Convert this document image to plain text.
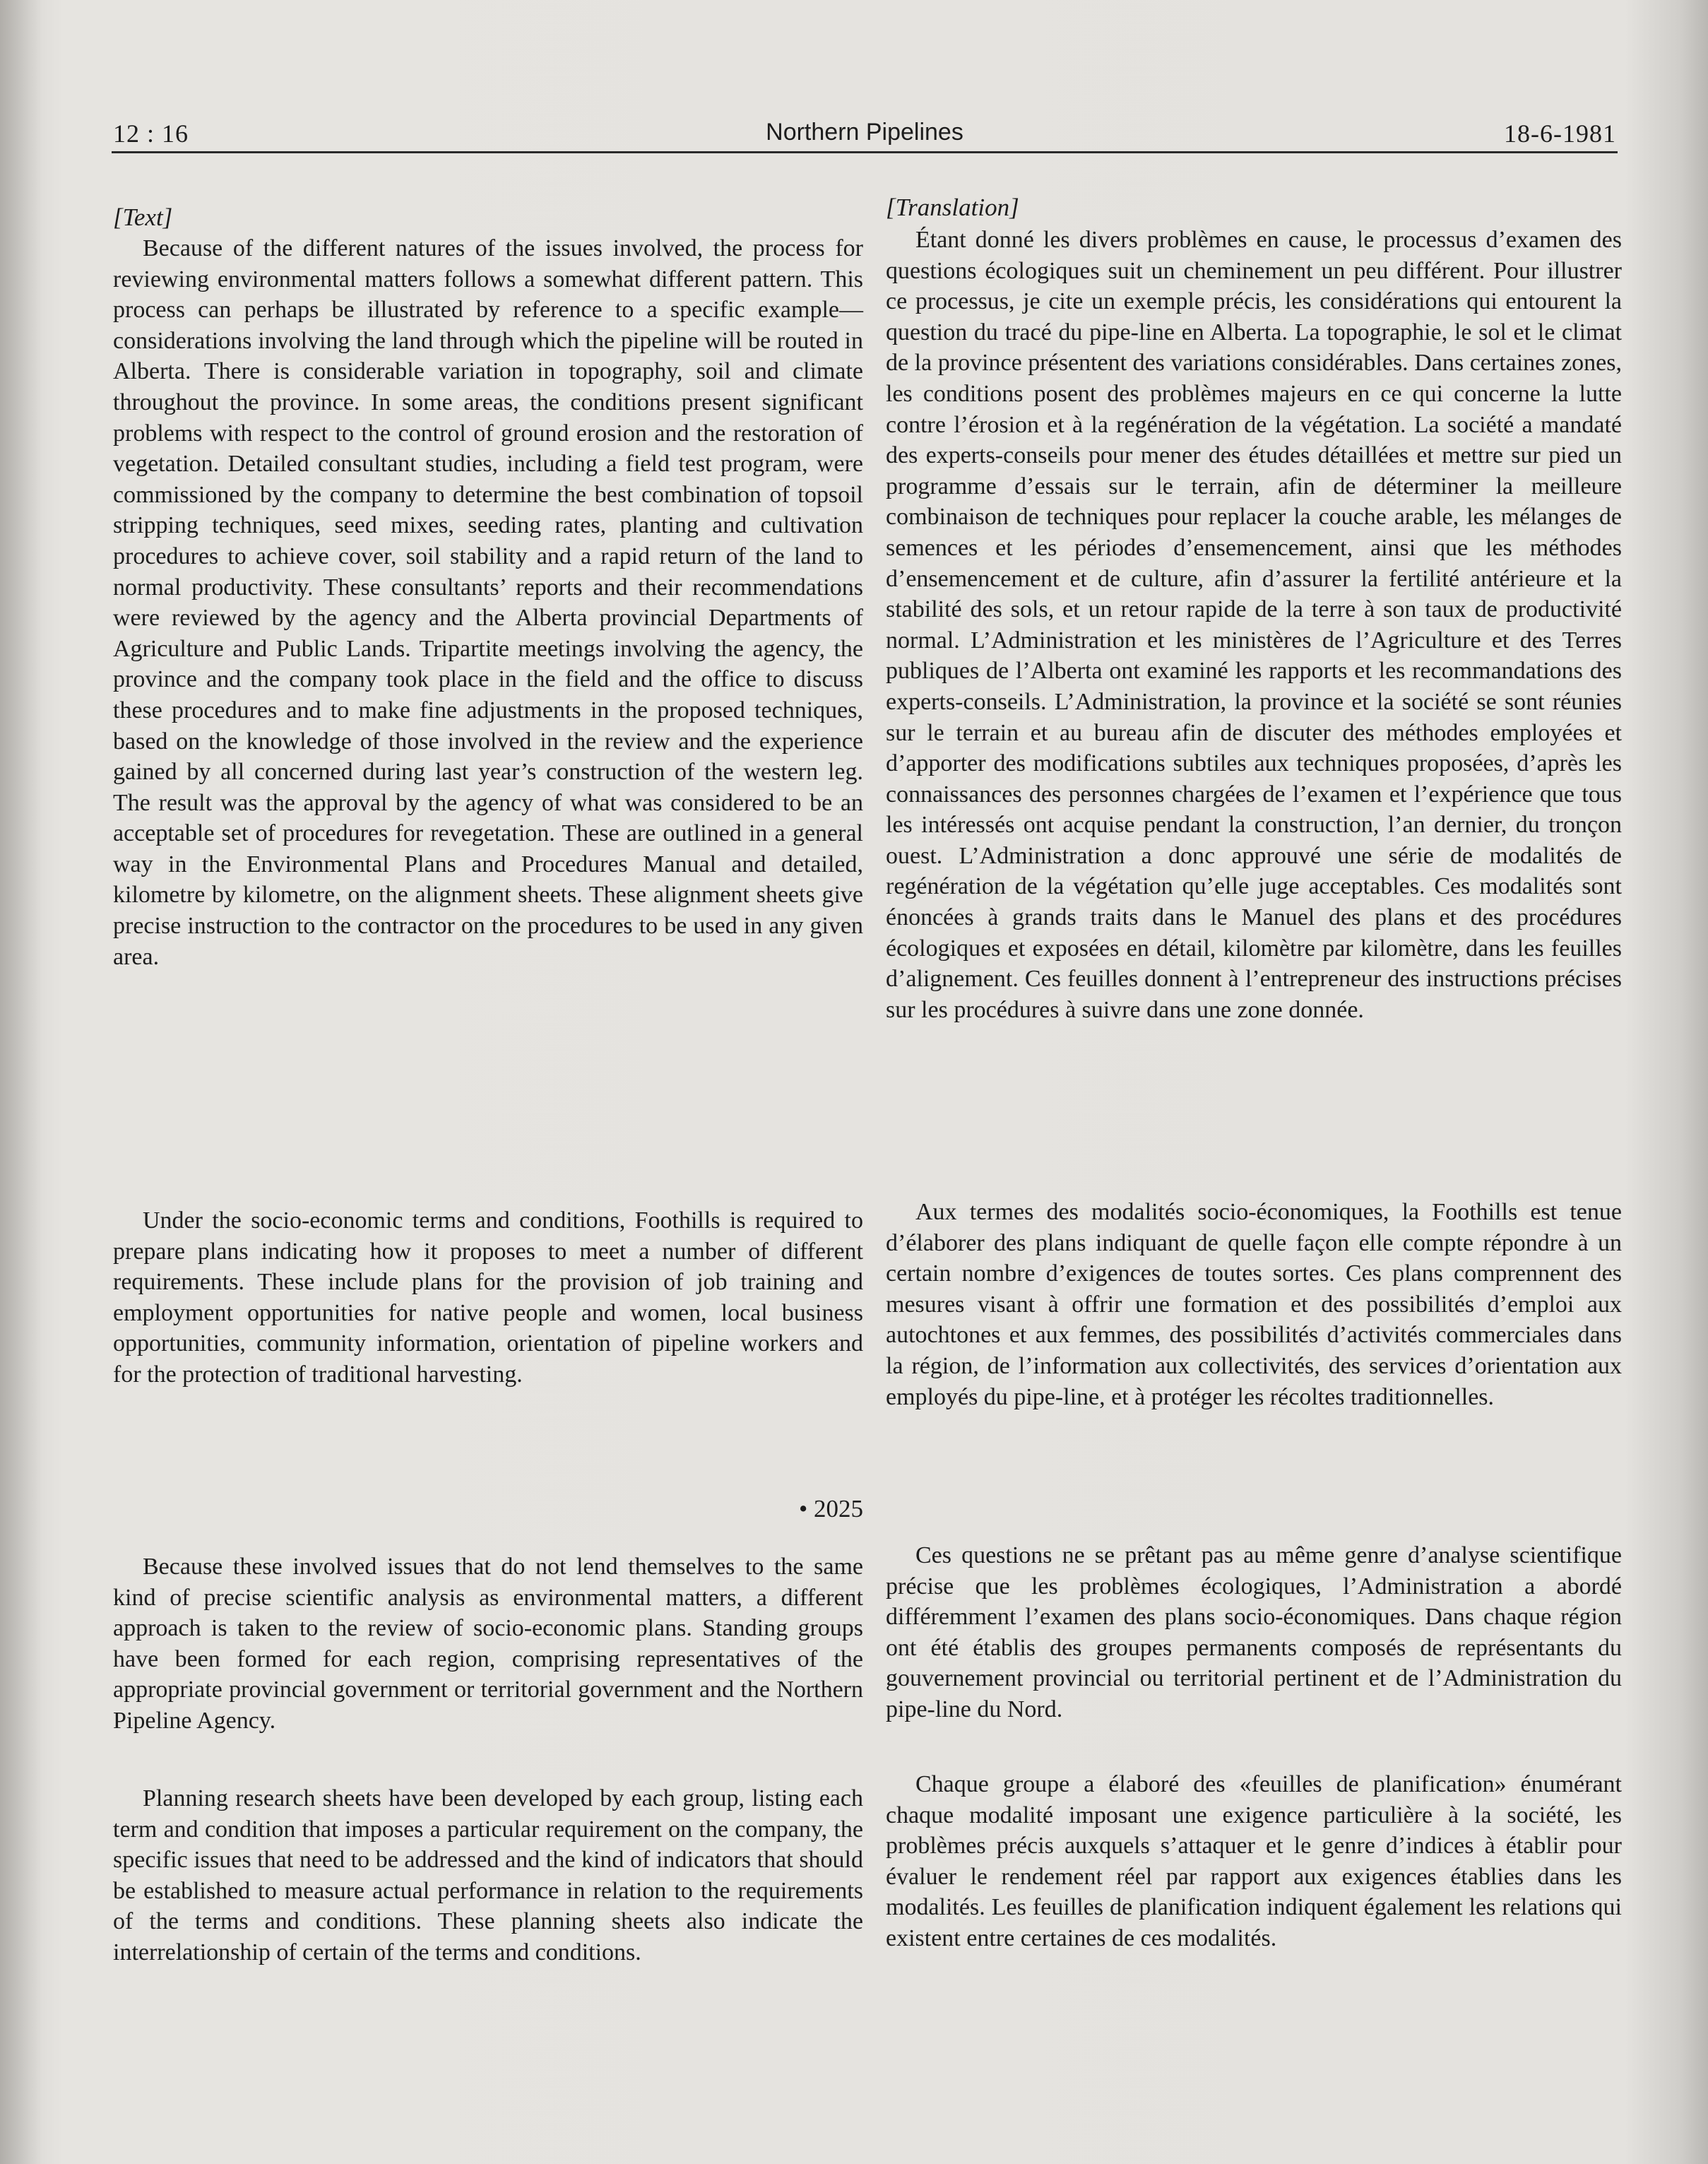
12 : 16	Northern Pipelines	18-6-1981
[Text]

Because of the different natures of the issues involved, the process for reviewing environmental matters follows a somewhat different pattern. This process can perhaps be illustrated by reference to a specific example—considerations involving the land through which the pipeline will be routed in Alberta. There is considerable variation in topography, soil and climate throughout the province. In some areas, the conditions present significant problems with respect to the control of ground erosion and the restoration of vegetation. Detailed consultant studies, including a field test program, were commissioned by the company to determine the best combination of topsoil stripping techniques, seed mixes, seeding rates, planting and cultivation procedures to achieve cover, soil stability and a rapid return of the land to normal productivity. These consultants’ reports and their recommendations were reviewed by the agency and the Alberta provincial Departments of Agriculture and Public Lands. Tripartite meetings involving the agency, the province and the company took place in the field and the office to discuss these procedures and to make fine adjustments in the proposed techniques, based on the knowledge of those involved in the review and the experience gained by all concerned during last year’s construction of the western leg. The result was the approval by the agency of what was considered to be an acceptable set of procedures for revegetation. These are outlined in a general way in the Environmental Plans and Procedures Manual and detailed, kilometre by kilometre, on the alignment sheets. These alignment sheets give precise instruction to the contractor on the procedures to be used in any given area.

Under the socio-economic terms and conditions, Foothills is required to prepare plans indicating how it proposes to meet a number of different requirements. These include plans for the provision of job training and employment opportunities for native people and women, local business opportunities, community information, orientation of pipeline workers and for the protection of traditional harvesting.

• 2025

Because these involved issues that do not lend themselves to the same kind of precise scientific analysis as environmental matters, a different approach is taken to the review of socio-economic plans. Standing groups have been formed for each region, comprising representatives of the appropriate provincial government or territorial government and the Northern Pipeline Agency.

Planning research sheets have been developed by each group, listing each term and condition that imposes a particular requirement on the company, the specific issues that need to be addressed and the kind of indicators that should be established to measure actual performance in relation to the requirements of the terms and conditions. These planning sheets also indicate the interrelationship of certain of the terms and conditions.

[Translation]

Étant donné les divers problèmes en cause, le processus d’examen des questions écologiques suit un cheminement un peu différent. Pour illustrer ce processus, je cite un exemple précis, les considérations qui entourent la question du tracé du pipe-line en Alberta. La topographie, le sol et le climat de la province présentent des variations considérables. Dans certaines zones, les conditions posent des problèmes majeurs en ce qui concerne la lutte contre l’érosion et à la regénération de la végétation. La société a mandaté des experts-conseils pour mener des études détaillées et mettre sur pied un programme d’essais sur le terrain, afin de déterminer la meilleure combinaison de techniques pour replacer la couche arable, les mélanges de semences et les périodes d’ensemencement, ainsi que les méthodes d’ensemencement et de culture, afin d’assurer la fertilité antérieure et la stabilité des sols, et un retour rapide de la terre à son taux de productivité normal. L’Administration et les ministères de l’Agriculture et des Terres publiques de l’Alberta ont examiné les rapports et les recommandations des experts-conseils. L’Administration, la province et la société se sont réunies sur le terrain et au bureau afin de discuter des méthodes employées et d’apporter des modifications subtiles aux techniques proposées, d’après les connaissances des personnes chargées de l’examen et l’expérience que tous les intéressés ont acquise pendant la construction, l’an dernier, du tronçon ouest. L’Administration a donc approuvé une série de modalités de regénération de la végétation qu’elle juge acceptables. Ces modalités sont énoncées à grands traits dans le Manuel des plans et des procédures écologiques et exposées en détail, kilomètre par kilomètre, dans les feuilles d’alignement. Ces feuilles donnent à l’entrepreneur des instructions précises sur les procédures à suivre dans une zone donnée.

Aux termes des modalités socio-économiques, la Foothills est tenue d’élaborer des plans indiquant de quelle façon elle compte répondre à un certain nombre d’exigences de toutes sortes. Ces plans comprennent des mesures visant à offrir une formation et des possibilités d’emploi aux autochtones et aux femmes, des possibilités d’activités commerciales dans la région, de l’information aux collectivités, des services d’orientation aux employés du pipe-line, et à protéger les récoltes traditionnelles.

Ces questions ne se prêtant pas au même genre d’analyse scientifique précise que les problèmes écologiques, l’Administration a abordé différemment l’examen des plans socio-économiques. Dans chaque région ont été établis des groupes permanents composés de représentants du gouvernement provincial ou territorial pertinent et de l’Administration du pipe-line du Nord.

Chaque groupe a élaboré des «feuilles de planification» énumérant chaque modalité imposant une exigence particulière à la société, les problèmes précis auxquels s’attaquer et le genre d’indices à établir pour évaluer le rendement réel par rapport aux exigences établies dans les modalités. Les feuilles de planification indiquent également les relations qui existent entre certaines de ces modalités.
